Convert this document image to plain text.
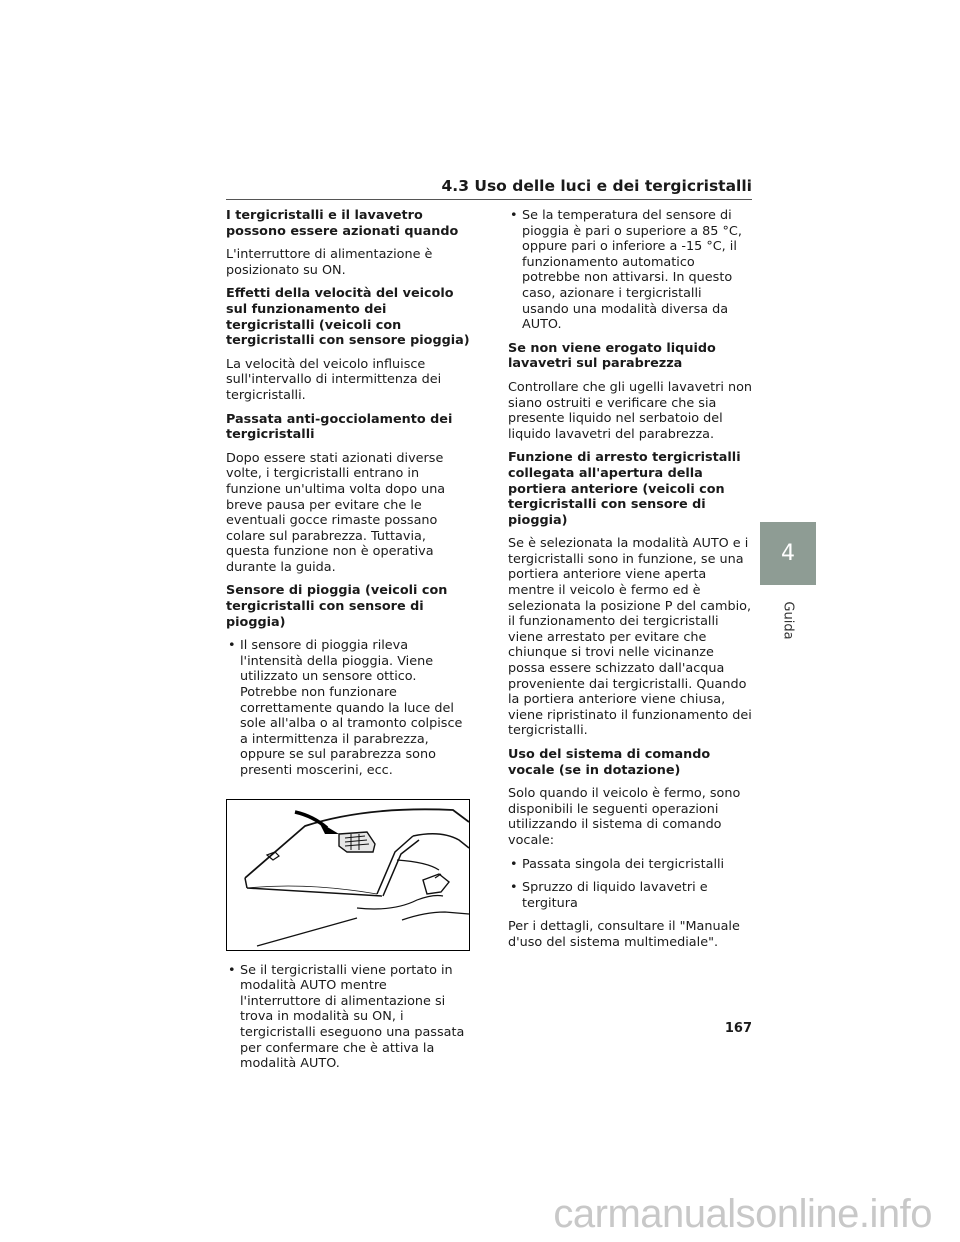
4.3 Uso delle luci e dei tergicristalli
I tergicristalli e il lavavetro possono essere azionati quando

L'interruttore di alimentazione è posizionato su ON.

Effetti della velocità del veicolo sul funzionamento dei tergicristalli (veicoli con tergicristalli con sensore pioggia)

La velocità del veicolo influisce sull'intervallo di intermittenza dei tergicristalli.

Passata anti-gocciolamento dei tergicristalli

Dopo essere stati azionati diverse volte, i tergicristalli entrano in funzione un'ultima volta dopo una breve pausa per evitare che le eventuali gocce rimaste possano colare sul parabrezza. Tuttavia, questa funzione non è operativa durante la guida.

Sensore di pioggia (veicoli con tergicristalli con sensore di pioggia)
• Il sensore di pioggia rileva l'intensità della pioggia. Viene utilizzato un sensore ottico. Potrebbe non funzionare correttamente quando la luce del sole all'alba o al tramonto colpisce a intermittenza il parabrezza, oppure se sul parabrezza sono presenti moscerini, ecc.
• Se il tergicristalli viene portato in modalità AUTO mentre l'interruttore di alimentazione si trova in modalità su ON, i tergicristalli eseguono una passata per confermare che è attiva la modalità AUTO.
• Se la temperatura del sensore di pioggia è pari o superiore a 85 °C, oppure pari o inferiore a -15 °C, il funzionamento automatico potrebbe non attivarsi. In questo caso, azionare i tergicristalli usando una modalità diversa da AUTO.
Se non viene erogato liquido lavavetri sul parabrezza

Controllare che gli ugelli lavavetri non siano ostruiti e verificare che sia presente liquido nel serbatoio del liquido lavavetri del parabrezza.

Funzione di arresto tergicristalli collegata all'apertura della portiera anteriore (veicoli con tergicristalli con sensore di pioggia)

Se è selezionata la modalità AUTO e i tergicristalli sono in funzione, se una portiera anteriore viene aperta mentre il veicolo è fermo ed è selezionata la posizione P del cambio, il funzionamento dei tergicristalli viene arrestato per evitare che chiunque si trovi nelle vicinanze possa essere schizzato dall'acqua proveniente dai tergicristalli. Quando la portiera anteriore viene chiusa, viene ripristinato il funzionamento dei tergicristalli.

Uso del sistema di comando vocale (se in dotazione)

Solo quando il veicolo è fermo, sono disponibili le seguenti operazioni utilizzando il sistema di comando vocale:

• Passata singola dei tergicristalli
• Spruzzo di liquido lavavetri e tergitura

Per i dettagli, consultare il "Manuale d'uso del sistema multimediale".

4
Guida
167
carmanualsonline.info
